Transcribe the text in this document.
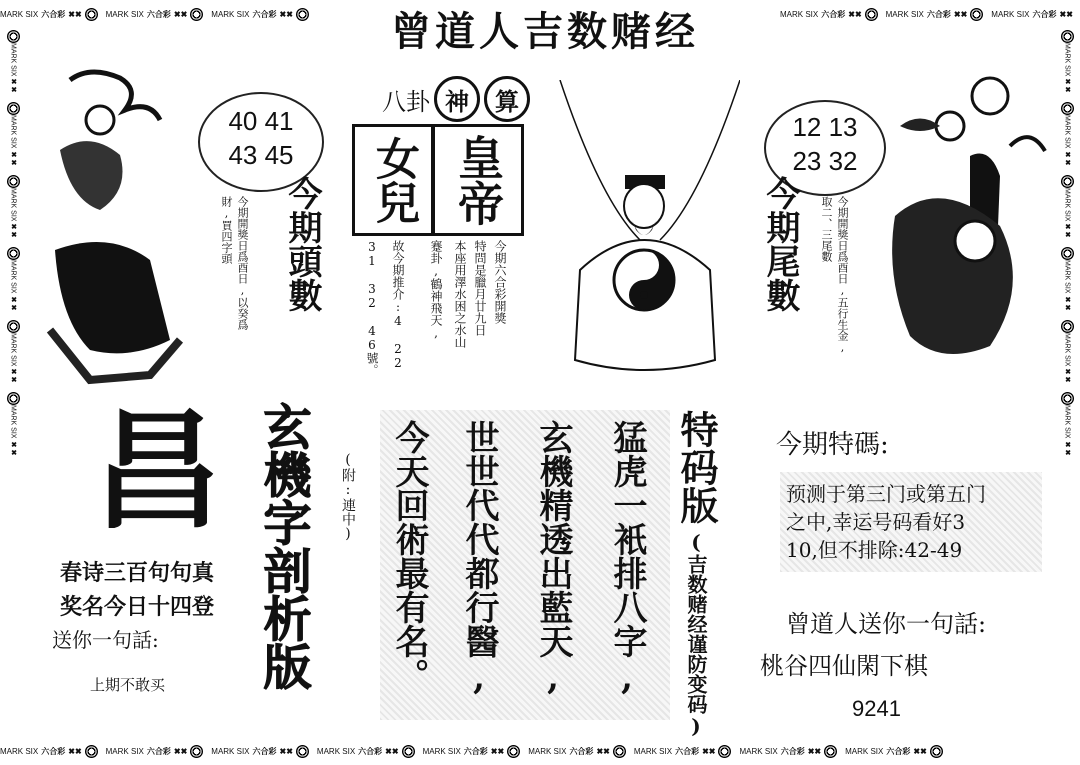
MARK SIX 六合彩 ✖✖	MARK SIX 六合彩 ✖✖	MARK SIX 六合彩 ✖✖	MARK SIX 六合彩 ✖✖	MARK SIX 六合彩 ✖✖	MARK SIX 六合彩 ✖✖
MARK SIX 六合彩 ✖✖	MARK SIX 六合彩 ✖✖	MARK SIX 六合彩 ✖✖	MARK SIX 六合彩 ✖✖	MARK SIX 六合彩 ✖✖	MARK SIX 六合彩 ✖✖	MARK SIX 六合彩 ✖✖	MARK SIX 六合彩 ✖✖	MARK SIX 六合彩 ✖✖
MARK SIX
✖✖
MARK SIX
✖✖
MARK SIX
✖✖
MARK SIX
✖✖
MARK SIX
✖✖
MARK SIX
✖✖
MARK SIX
✖✖
MARK SIX
✖✖
MARK SIX
✖✖
MARK SIX
✖✖
MARK SIX
✖✖
MARK SIX
✖✖
曾道人吉数赌经
40 41
43 45
今期頭數
今期開獎日爲酉日,以癸爲財,買四字頭
八卦 神	算
女兒 皇帝
今期六合彩開獎
特問是臘月廿九日
本座用澤水困之水山
蹇卦,鶴神飛天,
故今期推介:4 22
31 32 46號。
12 13
23 32
今期尾數	今期開獎日爲酉日,五行生金,取二、三尾數
昌
春诗三百句句真
奖名今日十四登
送你一句話:
上期不敢买 玄機字剖析版 (附:連中) 今天回術最有名。 世世代代都行醫, 玄機精透出藍天, 猛虎一衹排八字, 特码版
(吉数赌经谨防变码)
今期特碼:
预测于第三门或第五门
之中,幸运号码看好3
10,但不排除:42-49
曾道人送你一句話:
桃谷四仙閑下棋
9241
